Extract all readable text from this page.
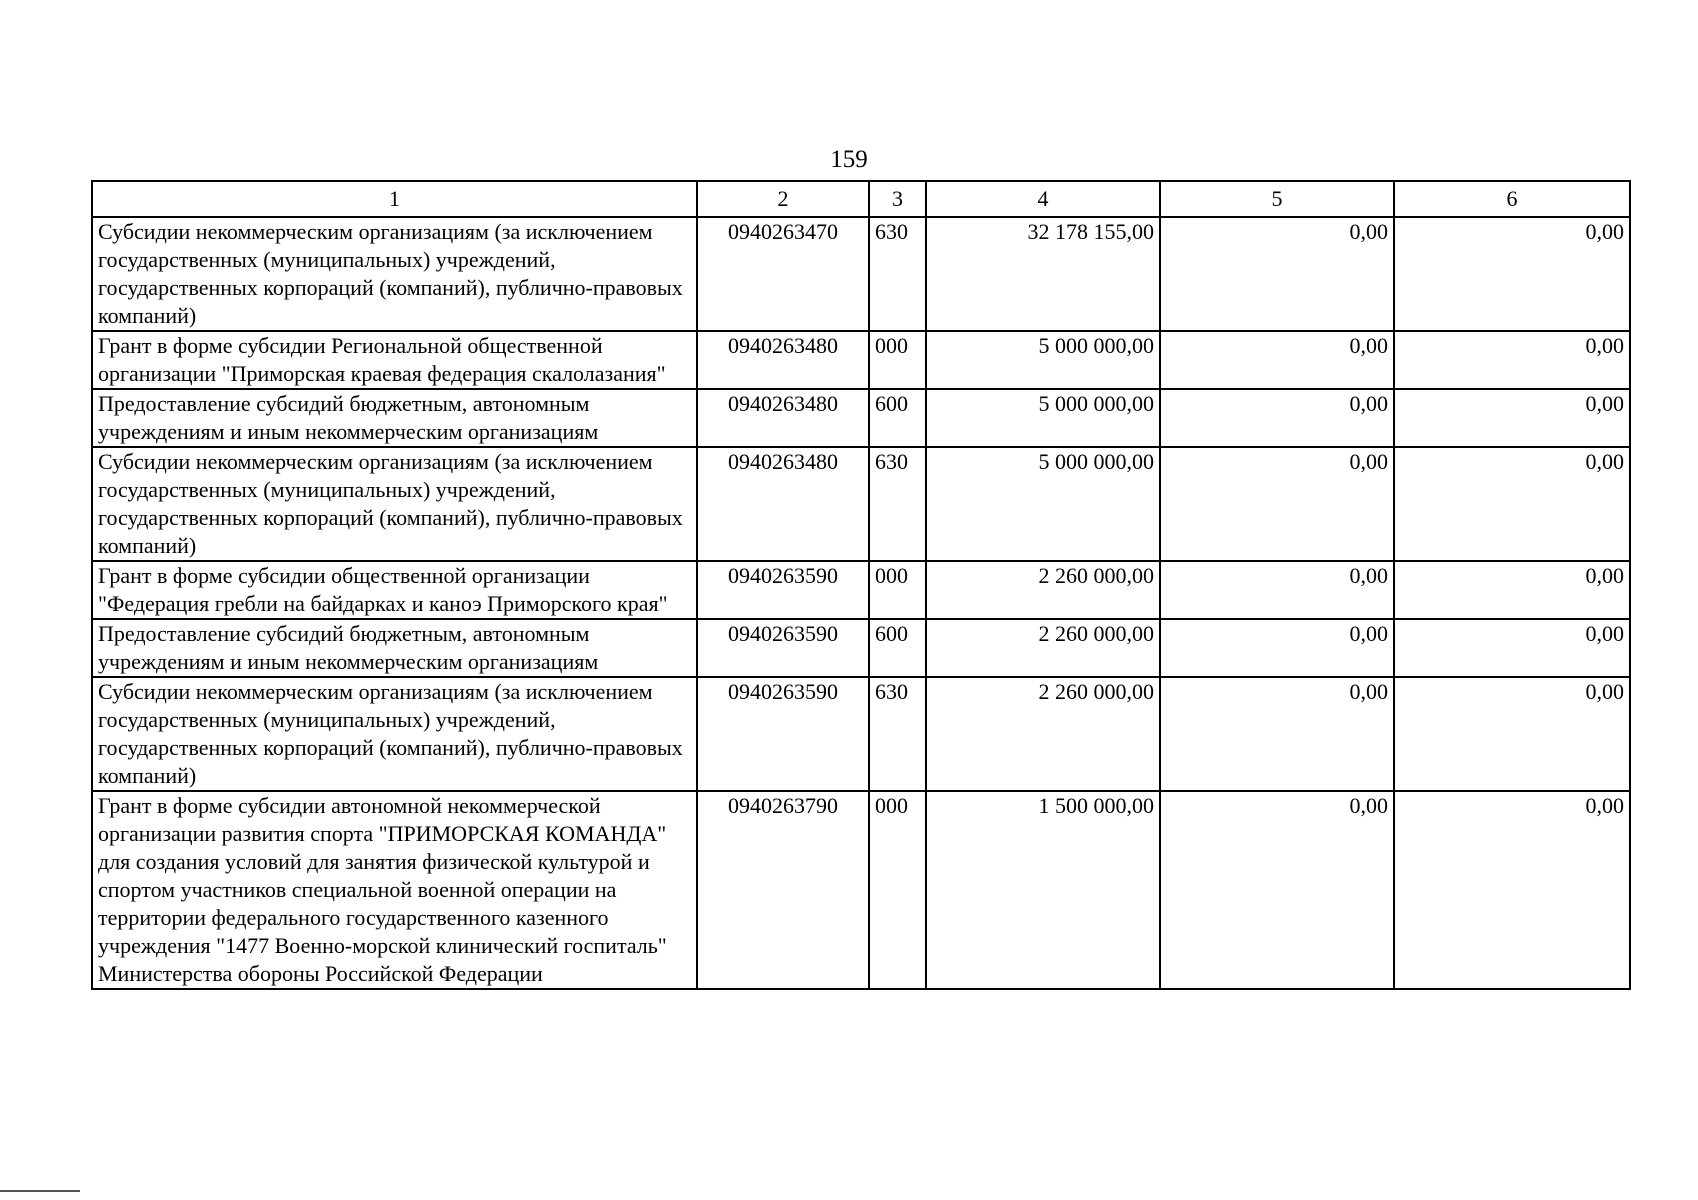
159
1	2	3	4	5	6
Субсидии некоммерческим организациям (за исключением государственных (муниципальных) учреждений, государственных корпораций (компаний), публично-правовых компаний)	0940263470	630	32 178 155,00	0,00	0,00
Грант в форме субсидии Региональной общественной организации "Приморская краевая федерация скалолазания"	0940263480	000	5 000 000,00	0,00	0,00
Предоставление субсидий бюджетным, автономным учреждениям и иным некоммерческим организациям	0940263480	600	5 000 000,00	0,00	0,00
Субсидии некоммерческим организациям (за исключением государственных (муниципальных) учреждений, государственных корпораций (компаний), публично-правовых компаний)	0940263480	630	5 000 000,00	0,00	0,00
Грант в форме субсидии общественной организации "Федерация гребли на байдарках и каноэ Приморского края"	0940263590	000	2 260 000,00	0,00	0,00
Предоставление субсидий бюджетным, автономным учреждениям и иным некоммерческим организациям	0940263590	600	2 260 000,00	0,00	0,00
Субсидии некоммерческим организациям (за исключением государственных (муниципальных) учреждений, государственных корпораций (компаний), публично-правовых компаний)	0940263590	630	2 260 000,00	0,00	0,00
Грант в форме субсидии автономной некоммерческой организации развития спорта "ПРИМОРСКАЯ КОМАНДА" для создания условий для занятия физической культурой и спортом участников специальной военной операции на территории федерального государственного казенного учреждения "1477 Военно-морской клинический госпиталь" Министерства обороны Российской Федерации	0940263790	000	1 500 000,00	0,00	0,00
